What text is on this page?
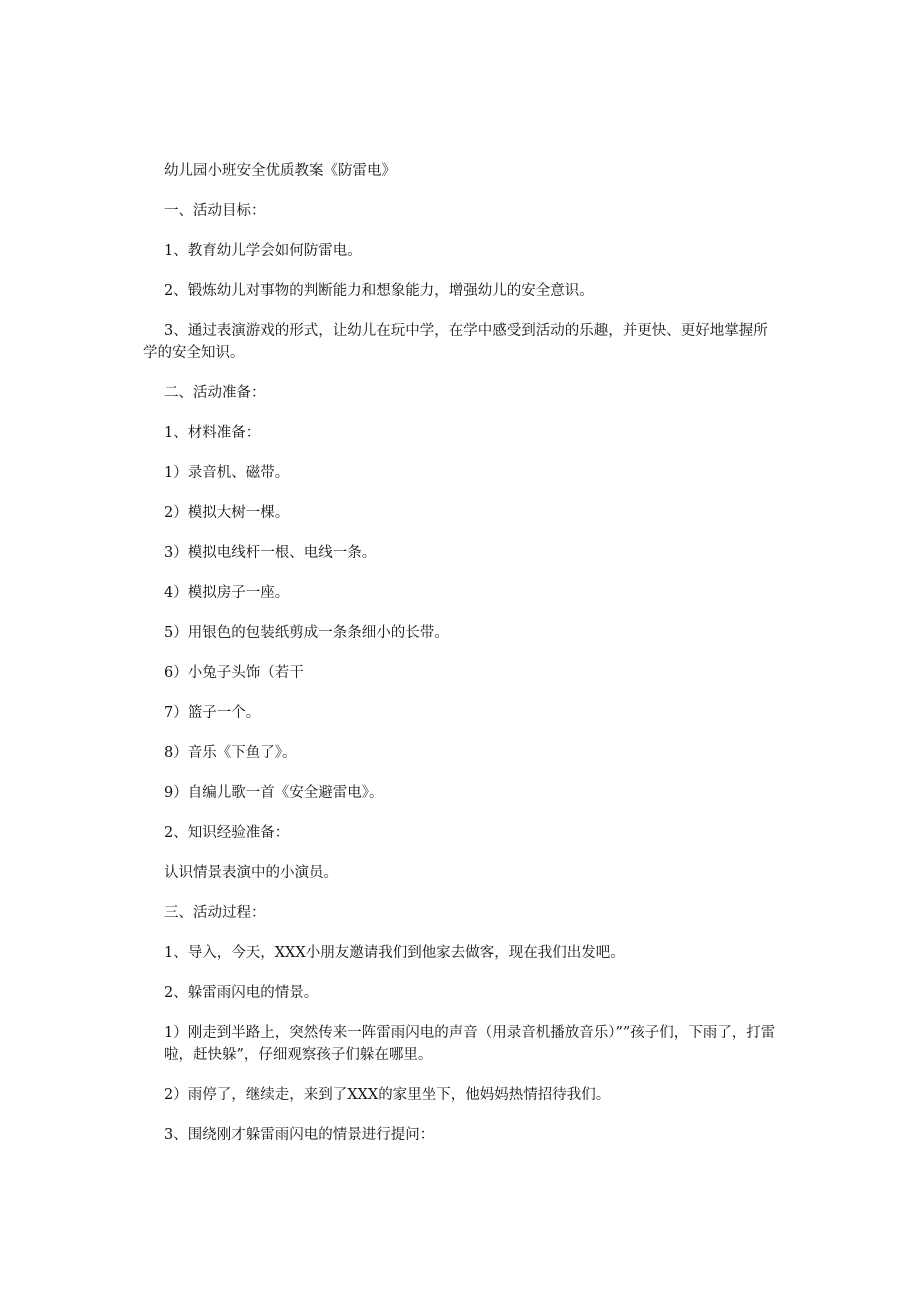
幼儿园小班安全优质教案《防雷电》

一、活动目标：

1、教育幼儿学会如何防雷电。

2、锻炼幼儿对事物的判断能力和想象能力，增强幼儿的安全意识。

3、通过表演游戏的形式，让幼儿在玩中学，在学中感受到活动的乐趣，并更快、更好地掌握所学的安全知识。

二、活动准备：

1、材料准备：

1）录音机、磁带。

2）模拟大树一棵。

3）模拟电线杆一根、电线一条。

4）模拟房子一座。

5）用银色的包装纸剪成一条条细小的长带。

6）小兔子头饰（若干

7）篮子一个。

8）音乐《下鱼了》。

9）自编儿歌一首《安全避雷电》。

2、知识经验准备：

认识情景表演中的小演员。

三、活动过程：

1、导入，今天，XXX小朋友邀请我们到他家去做客，现在我们出发吧。

2、躲雷雨闪电的情景。

1）刚走到半路上，突然传来一阵雷雨闪电的声音（用录音机播放音乐）””孩子们，下雨了，打雷啦，赶快躲”，仔细观察孩子们躲在哪里。

2）雨停了，继续走，来到了XXX的家里坐下，他妈妈热情招待我们。

3、围绕刚才躲雷雨闪电的情景进行提问：
